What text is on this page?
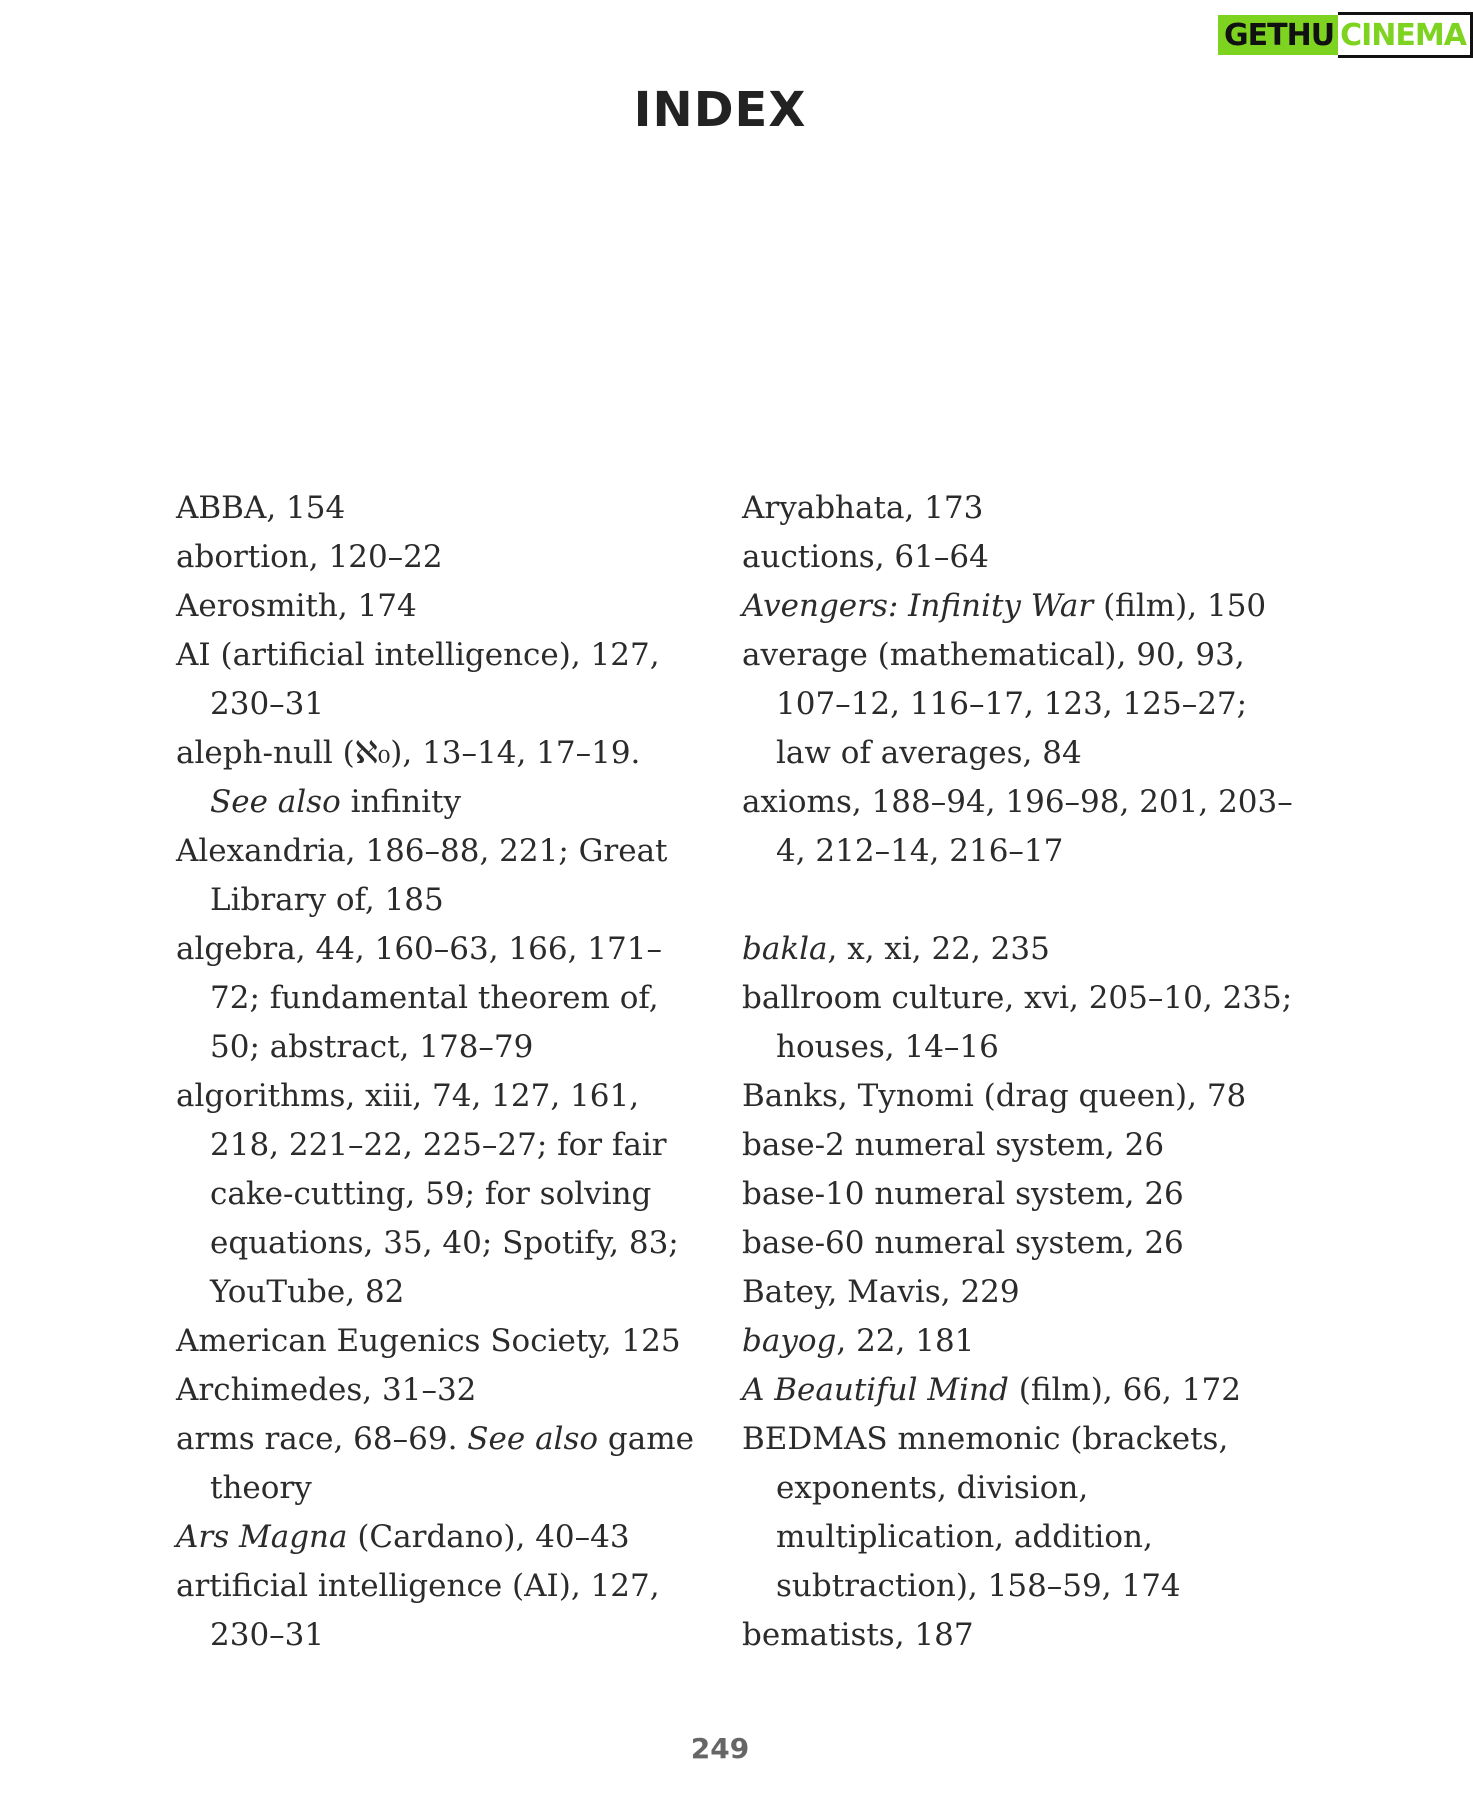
GETHU CINEMA
INDEX
ABBA, 154
abortion, 120–22
Aerosmith, 174
AI (artificial intelligence), 127, 230–31
aleph-null (ℵ₀), 13–14, 17–19. See also infinity
Alexandria, 186–88, 221; Great Library of, 185
algebra, 44, 160–63, 166, 171–72; fundamental theorem of, 50; abstract, 178–79
algorithms, xiii, 74, 127, 161, 218, 221–22, 225–27; for fair cake-cutting, 59; for solving equations, 35, 40; Spotify, 83; YouTube, 82
American Eugenics Society, 125
Archimedes, 31–32
arms race, 68–69. See also game theory
Ars Magna (Cardano), 40–43
artificial intelligence (AI), 127, 230–31
Aryabhata, 173
auctions, 61–64
Avengers: Infinity War (film), 150
average (mathematical), 90, 93, 107–12, 116–17, 123, 125–27; law of averages, 84
axioms, 188–94, 196–98, 201, 203–4, 212–14, 216–17
bakla, x, xi, 22, 235
ballroom culture, xvi, 205–10, 235; houses, 14–16
Banks, Tynomi (drag queen), 78
base-2 numeral system, 26
base-10 numeral system, 26
base-60 numeral system, 26
Batey, Mavis, 229
bayog, 22, 181
A Beautiful Mind (film), 66, 172
BEDMAS mnemonic (brackets, exponents, division, multiplication, addition, subtraction), 158–59, 174
bematists, 187
249
